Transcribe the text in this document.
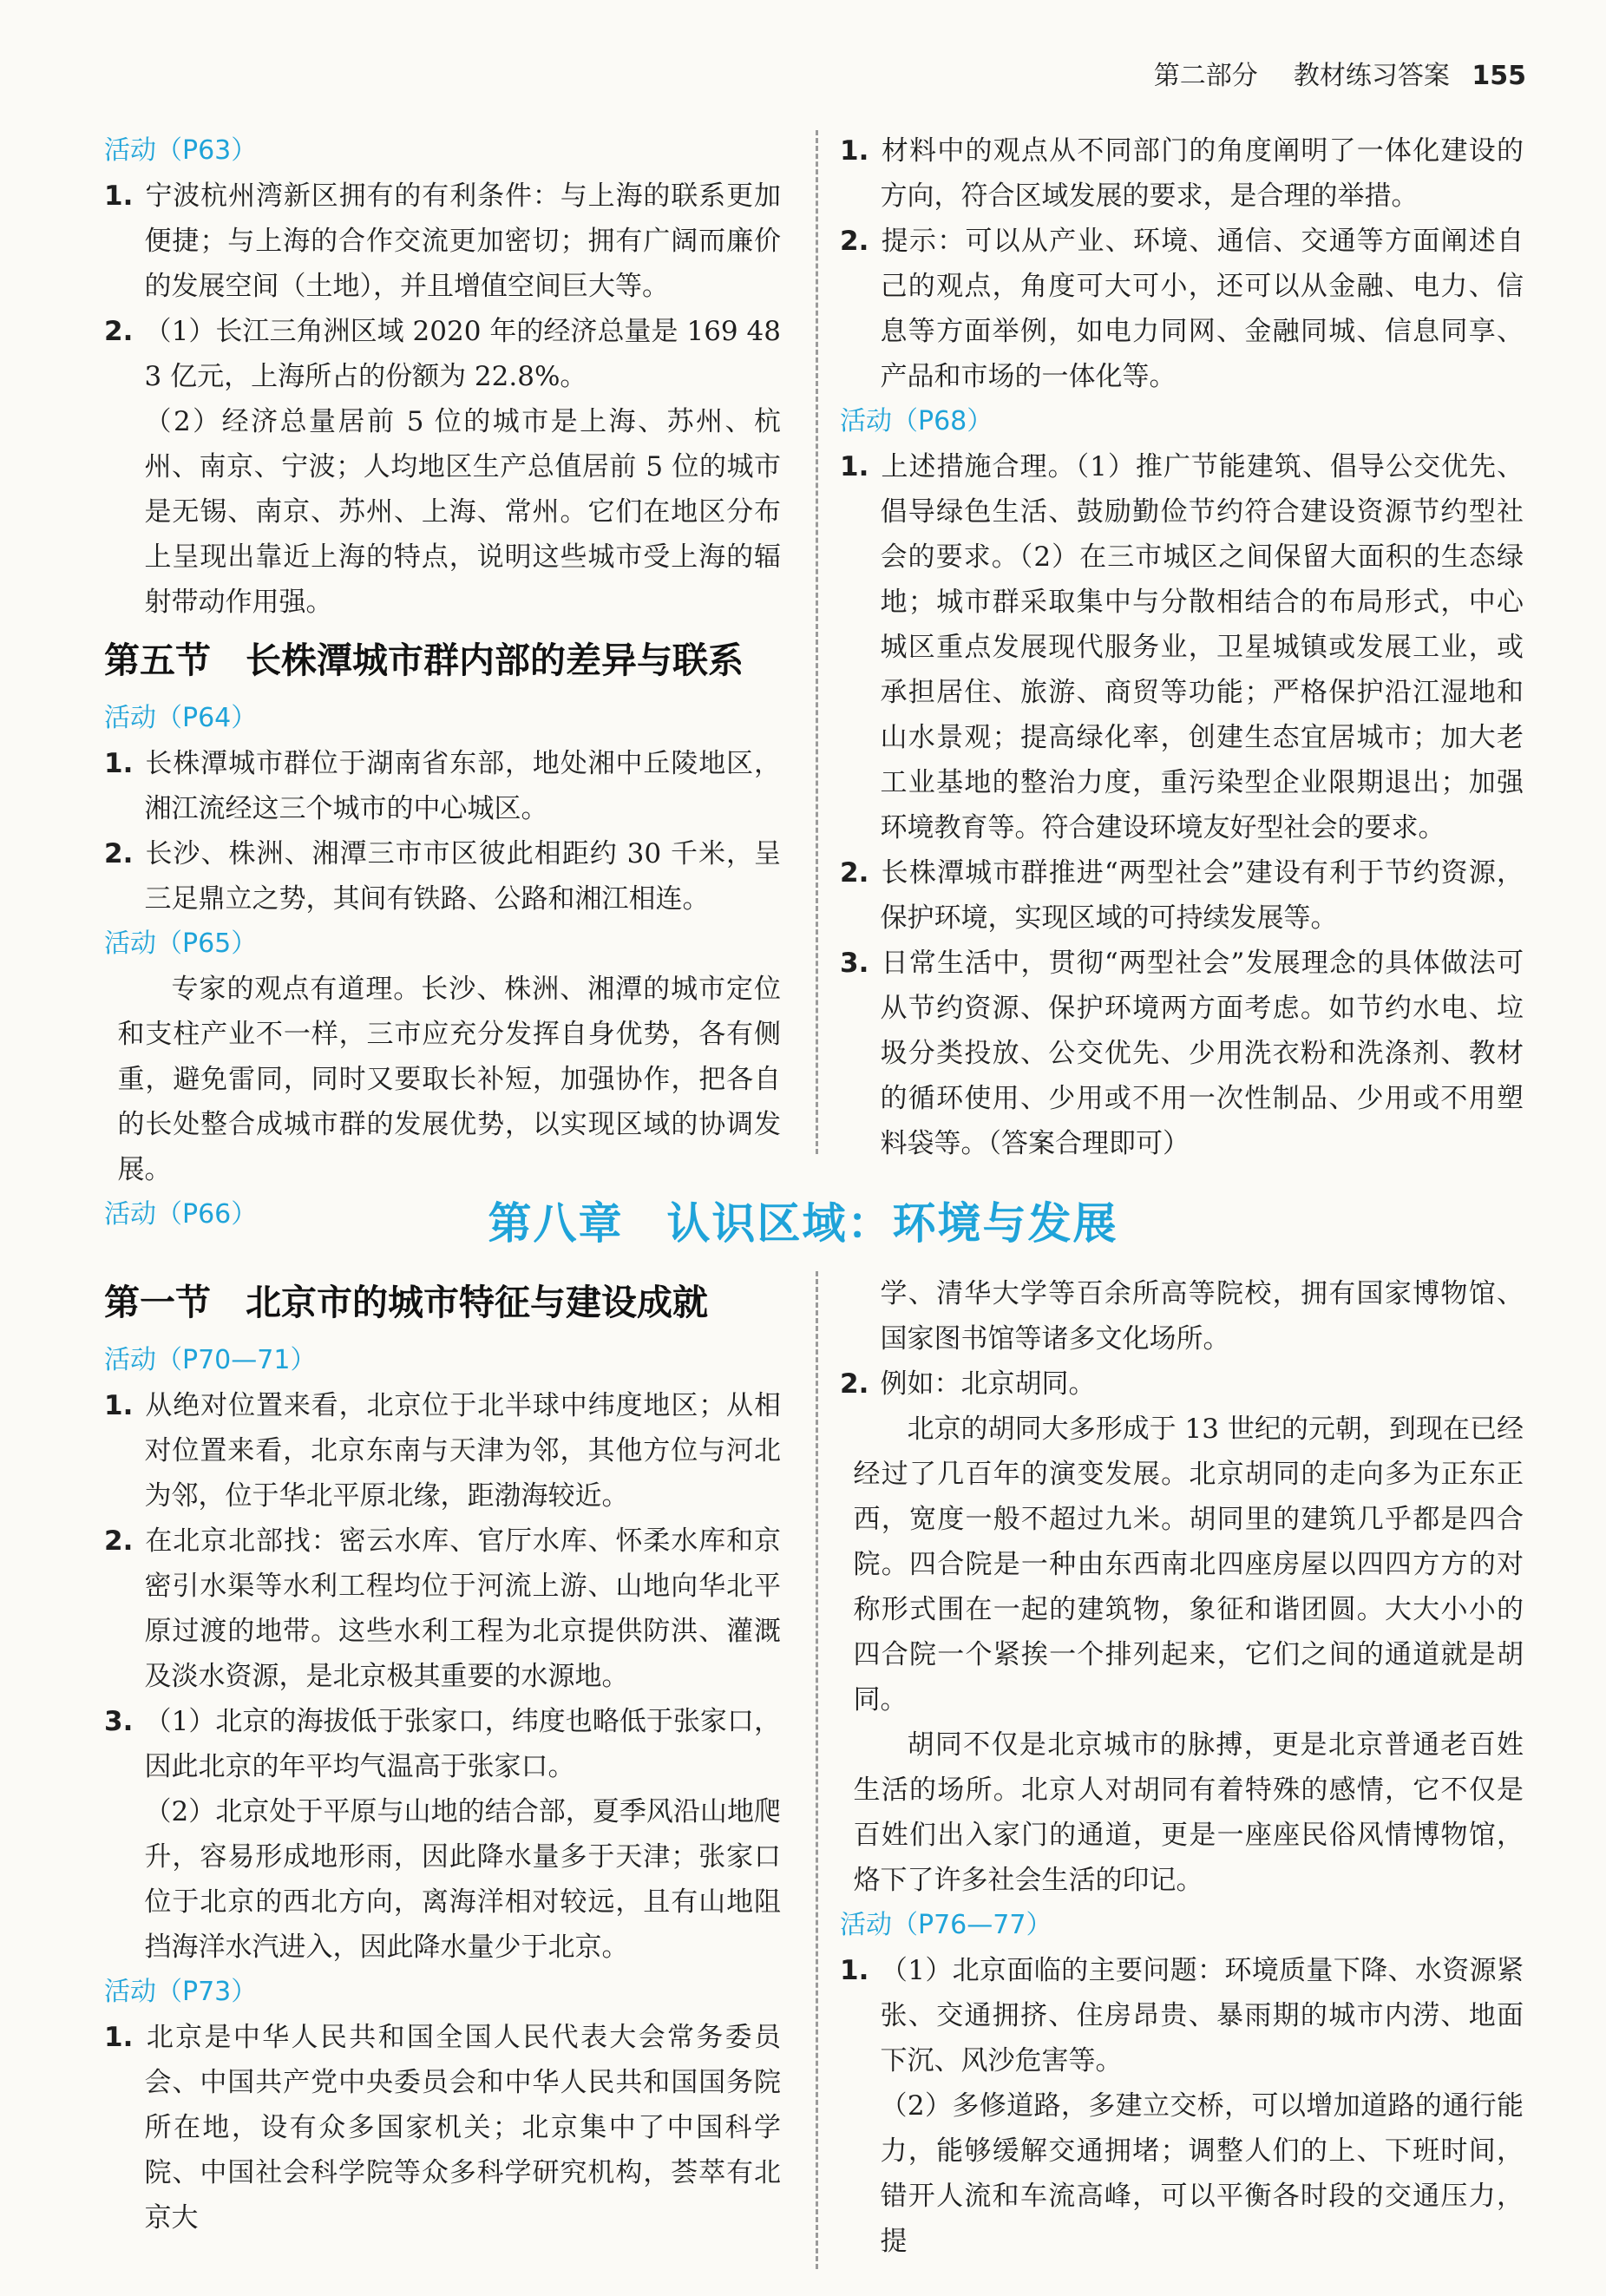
第二部分 教材练习答案 155

活动（P63）

1. 宁波杭州湾新区拥有的有利条件：与上海的联系更加便捷；与上海的合作交流更加密切；拥有广阔而廉价的发展空间（土地），并且增值空间巨大等。

2. （1）长江三角洲区域 2020 年的经济总量是 169 483 亿元，上海所占的份额为 22.8%。

（2）经济总量居前 5 位的城市是上海、苏州、杭州、南京、宁波；人均地区生产总值居前 5 位的城市是无锡、南京、苏州、上海、常州。它们在地区分布上呈现出靠近上海的特点，说明这些城市受上海的辐射带动作用强。

第五节 长株潭城市群内部的差异与联系

活动（P64）

1. 长株潭城市群位于湖南省东部，地处湘中丘陵地区，湘江流经这三个城市的中心城区。

2. 长沙、株洲、湘潭三市市区彼此相距约 30 千米，呈三足鼎立之势，其间有铁路、公路和湘江相连。

活动（P65）

专家的观点有道理。长沙、株洲、湘潭的城市定位和支柱产业不一样，三市应充分发挥自身优势，各有侧重，避免雷同，同时又要取长补短，加强协作，把各自的长处整合成城市群的发展优势，以实现区域的协调发展。

活动（P66）

1. 材料中的观点从不同部门的角度阐明了一体化建设的方向，符合区域发展的要求，是合理的举措。

2. 提示：可以从产业、环境、通信、交通等方面阐述自己的观点，角度可大可小，还可以从金融、电力、信息等方面举例，如电力同网、金融同城、信息同享、产品和市场的一体化等。

活动（P68）

1. 上述措施合理。（1）推广节能建筑、倡导公交优先、倡导绿色生活、鼓励勤俭节约符合建设资源节约型社会的要求。（2）在三市城区之间保留大面积的生态绿地；城市群采取集中与分散相结合的布局形式，中心城区重点发展现代服务业，卫星城镇或发展工业，或承担居住、旅游、商贸等功能；严格保护沿江湿地和山水景观；提高绿化率，创建生态宜居城市；加大老工业基地的整治力度，重污染型企业限期退出；加强环境教育等。符合建设环境友好型社会的要求。

2. 长株潭城市群推进“两型社会”建设有利于节约资源，保护环境，实现区域的可持续发展等。

3. 日常生活中，贯彻“两型社会”发展理念的具体做法可从节约资源、保护环境两方面考虑。如节约水电、垃圾分类投放、公交优先、少用洗衣粉和洗涤剂、教材的循环使用、少用或不用一次性制品、少用或不用塑料袋等。（答案合理即可）

第八章 认识区域：环境与发展

第一节 北京市的城市特征与建设成就

活动（P70—71）

1. 从绝对位置来看，北京位于北半球中纬度地区；从相对位置来看，北京东南与天津为邻，其他方位与河北为邻，位于华北平原北缘，距渤海较近。

2. 在北京北部找：密云水库、官厅水库、怀柔水库和京密引水渠等水利工程均位于河流上游、山地向华北平原过渡的地带。这些水利工程为北京提供防洪、灌溉及淡水资源，是北京极其重要的水源地。

3. （1）北京的海拔低于张家口，纬度也略低于张家口，因此北京的年平均气温高于张家口。

（2）北京处于平原与山地的结合部，夏季风沿山地爬升，容易形成地形雨，因此降水量多于天津；张家口位于北京的西北方向，离海洋相对较远，且有山地阻挡海洋水汽进入，因此降水量少于北京。

活动（P73）

1. 北京是中华人民共和国全国人民代表大会常务委员会、中国共产党中央委员会和中华人民共和国国务院所在地，设有众多国家机关；北京集中了中国科学院、中国社会科学院等众多科学研究机构，荟萃有北京大

学、清华大学等百余所高等院校，拥有国家博物馆、国家图书馆等诸多文化场所。

2. 例如：北京胡同。

北京的胡同大多形成于 13 世纪的元朝，到现在已经经过了几百年的演变发展。北京胡同的走向多为正东正西，宽度一般不超过九米。胡同里的建筑几乎都是四合院。四合院是一种由东西南北四座房屋以四四方方的对称形式围在一起的建筑物，象征和谐团圆。大大小小的四合院一个紧挨一个排列起来，它们之间的通道就是胡同。

胡同不仅是北京城市的脉搏，更是北京普通老百姓生活的场所。北京人对胡同有着特殊的感情，它不仅是百姓们出入家门的通道，更是一座座民俗风情博物馆，烙下了许多社会生活的印记。

活动（P76—77）

1. （1）北京面临的主要问题：环境质量下降、水资源紧张、交通拥挤、住房昂贵、暴雨期的城市内涝、地面下沉、风沙危害等。

（2）多修道路，多建立交桥，可以增加道路的通行能力，能够缓解交通拥堵；调整人们的上、下班时间，错开人流和车流高峰，可以平衡各时段的交通压力，提
